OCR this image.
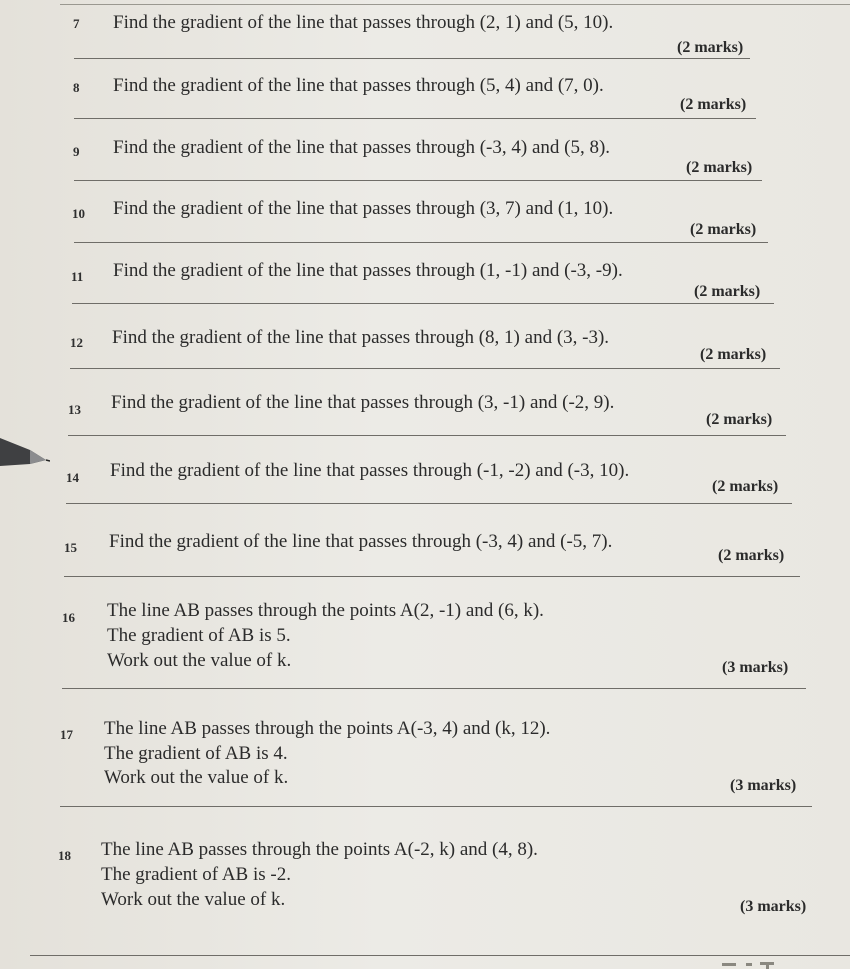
7 Find the gradient of the line that passes through (2, 1) and (5, 10).
(2 marks)
8 Find the gradient of the line that passes through (5, 4) and (7, 0).
(2 marks)
9 Find the gradient of the line that passes through (-3, 4) and (5, 8).
(2 marks)
10 Find the gradient of the line that passes through (3, 7) and (1, 10).
(2 marks)
11 Find the gradient of the line that passes through (1, -1) and (-3, -9).
(2 marks)
12 Find the gradient of the line that passes through (8, 1) and (3, -3).
(2 marks)
13 Find the gradient of the line that passes through (3, -1) and (-2, 9).
(2 marks)
14 Find the gradient of the line that passes through (-1, -2) and (-3, 10).
(2 marks)
15 Find the gradient of the line that passes through (-3, 4) and (-5, 7).
(2 marks)
16 The line AB passes through the points A(2, -1) and (6, k).
The gradient of AB is 5.
Work out the value of k.	(3 marks)
17 The line AB passes through the points A(-3, 4) and (k, 12).
The gradient of AB is 4.
Work out the value of k.	(3 marks)
18 The line AB passes through the points A(-2, k) and (4, 8).
The gradient of AB is -2.
Work out the value of k.	(3 marks)
